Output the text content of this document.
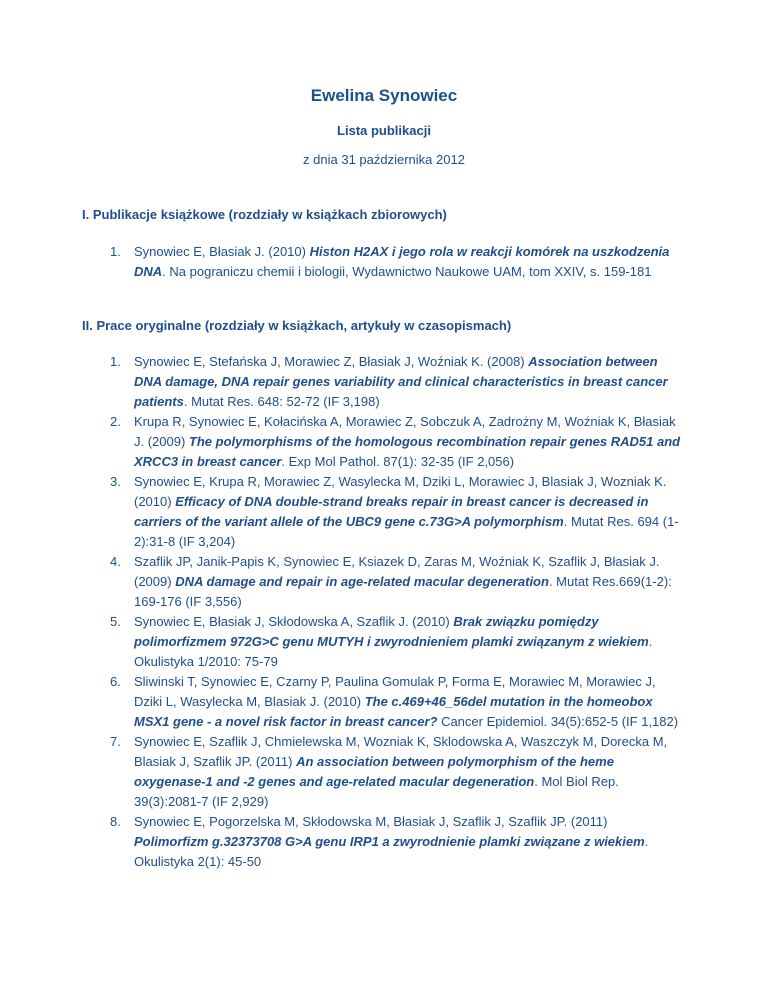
Ewelina Synowiec
Lista publikacji
z dnia 31 października 2012
I. Publikacje książkowe (rozdziały w książkach zbiorowych)
1. Synowiec E, Błasiak J. (2010) Histon H2AX i jego rola w reakcji komórek na uszkodzenia DNA. Na pograniczu chemii i biologii, Wydawnictwo Naukowe UAM, tom XXIV, s. 159-181
II. Prace oryginalne (rozdziały w książkach, artykuły w czasopismach)
1. Synowiec E, Stefańska J, Morawiec Z, Błasiak J, Woźniak K. (2008) Association between DNA damage, DNA repair genes variability and clinical characteristics in breast cancer patients. Mutat Res. 648: 52-72 (IF 3,198)
2. Krupa R, Synowiec E, Kołacińska A, Morawiec Z, Sobczuk A, Zadrożny M, Woźniak K, Błasiak J. (2009) The polymorphisms of the homologous recombination repair genes RAD51 and XRCC3 in breast cancer. Exp Mol Pathol. 87(1): 32-35 (IF 2,056)
3. Synowiec E, Krupa R, Morawiec Z, Wasylecka M, Dziki L, Morawiec J, Blasiak J, Wozniak K. (2010) Efficacy of DNA double-strand breaks repair in breast cancer is decreased in carriers of the variant allele of the UBC9 gene c.73G>A polymorphism. Mutat Res. 694 (1-2):31-8 (IF 3,204)
4. Szaflik JP, Janik-Papis K, Synowiec E, Ksiazek D, Zaras M, Woźniak K, Szaflik J, Błasiak J. (2009) DNA damage and repair in age-related macular degeneration. Mutat Res.669(1-2): 169-176 (IF 3,556)
5. Synowiec E, Błasiak J, Skłodowska A, Szaflik J. (2010) Brak związku pomiędzy polimorfizmem 972G>C genu MUTYH i zwyrodnieniem plamki związanym z wiekiem. Okulistyka 1/2010: 75-79
6. Sliwinski T, Synowiec E, Czarny P, Paulina Gomulak P, Forma E, Morawiec M, Morawiec J, Dziki L, Wasylecka M, Blasiak J. (2010) The c.469+46_56del mutation in the homeobox MSX1 gene - a novel risk factor in breast cancer? Cancer Epidemiol. 34(5):652-5 (IF 1,182)
7. Synowiec E, Szaflik J, Chmielewska M, Wozniak K, Sklodowska A, Waszczyk M, Dorecka M, Blasiak J, Szaflik JP. (2011) An association between polymorphism of the heme oxygenase-1 and -2 genes and age-related macular degeneration. Mol Biol Rep. 39(3):2081-7 (IF 2,929)
8. Synowiec E, Pogorzelska M, Skłodowska M, Błasiak J, Szaflik J, Szaflik JP. (2011) Polimorfizm g.32373708 G>A genu IRP1 a zwyrodnienie plamki związane z wiekiem. Okulistyka 2(1): 45-50
